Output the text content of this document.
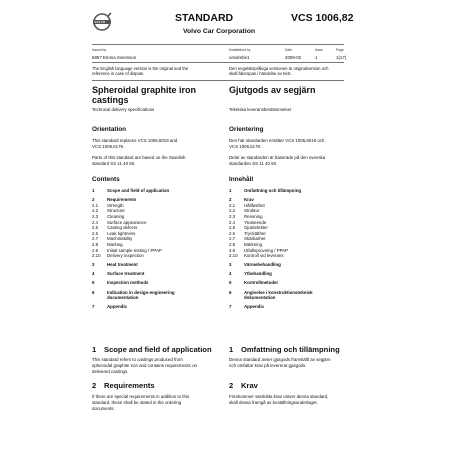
VOLVO	STANDARD	VCS 1006,82
Volvo Car Corporation
Issued by	Established by	Date	Issue	Page
6857 Emma Svensson	umalmbe1	2008-02	1	1(17)
The English language version is the original and the reference in case of dispute.
Den engelskspråkiga versionen är originalversion och skall åberopas i händelse av tvist.
Spheroidal graphite iron
castings
Technical delivery specifications
Orientation
This standard replaces VCS 1006,6019 and
VCS 1006,6179.
Parts of this standard are based on the Swedish
standard SS 11 40 60.
Contents
1	Scope and field of application
2	Requirements
2.1 Strength
2.2 Structure
2.3 Cleaning
2.4 Surface appearance
2.5 Casting defects
2.6 Leak tightness
2.7 Machinability
2.8 Marking
2.9 Initial sample testing / PPAP
2.10 Delivery inspection
3	Heat treatment
4	Surface treatment
5	Inspection methods
6	Indication in design-engineering
documentation
7	Appendix
1 Scope and field of application
This standard refers to castings produced from
spheroidal graphite iron and contains requirements on
delivered castings.
2 Requirements
If there are special requirements in addition to this
standard, these shall be stated in the ordering
documents.
Gjutgods av segjärn
Tekniska leveransbestämmelser
Orientering
Den här standarden ersätter VCS 1006,6019 och
VCS 1006,6179.
Delar av standarden är baserade på den svenska
standarden SS 11 40 60.
Innehåll
1	Omfattning och tillämpning
2	Krav
2.1 Hållfasthet
2.2 Struktur
2.3 Rensning
2.4 Ytutseende
2.5 Gjutdefekter
2.6 Trycktäthet
2.7 Skärbarhet
2.8 Märkning
2.9 Utfallsprovning / PPAP
2.10 Kontroll vid leverans
3	Värmebehandling
4	Ytbehandling
5	Kontrollmetoder
6	Angivelse i konstruktionsteknisk
dokumentation
7	Appendix
1 Omfattning och tillämpning
Denna standard avser gjutgods framställt av segjärn
och omfattar krav på levererat gjutgods.
2 Krav
Förekommer särskilda krav utöver denna standard,
skall dessa framgå av beställningsunderlaget.
